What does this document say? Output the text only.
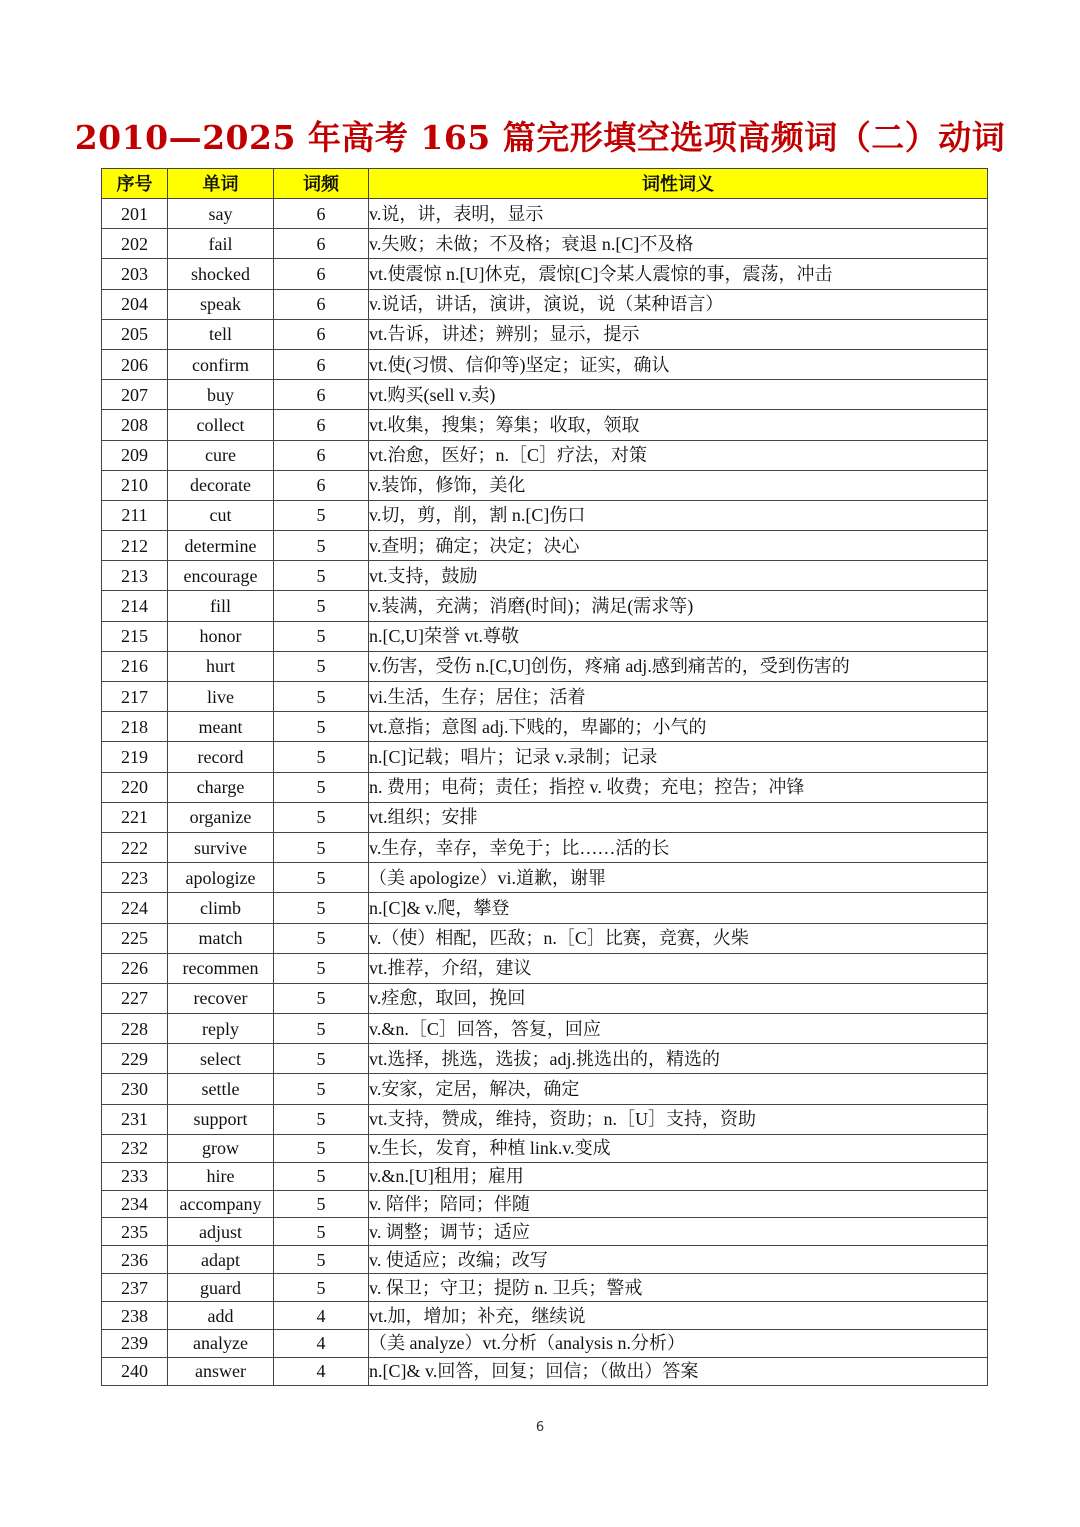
2010—2025 年高考 165 篇完形填空选项高频词（二）动词
序号	单词	词频	词性词义
201	say	6	v.说，讲，表明，显示
202	fail	6	v.失败；未做；不及格；衰退 n.[C]不及格
203	shocked	6	vt.使震惊 n.[U]休克，震惊[C]令某人震惊的事，震荡，冲击
204	speak	6	v.说话，讲话，演讲，演说，说（某种语言）
205	tell	6	vt.告诉，讲述；辨别；显示，提示
206	confirm	6	vt.使(习惯、信仰等)坚定；证实，确认
207	buy	6	vt.购买(sell v.卖)
208	collect	6	vt.收集，搜集；筹集；收取，领取
209	cure	6	vt.治愈，医好；n.［C］疗法，对策
210	decorate	6	v.装饰，修饰，美化
211	cut	5	v.切，剪，削，割 n.[C]伤口
212	determine	5	v.查明；确定；决定；决心
213	encourage	5	vt.支持，鼓励
214	fill	5	v.装满，充满；消磨(时间)；满足(需求等)
215	honor	5	n.[C,U]荣誉 vt.尊敬
216	hurt	5	v.伤害，受伤 n.[C,U]创伤，疼痛 adj.感到痛苦的，受到伤害的
217	live	5	vi.生活，生存；居住；活着
218	meant	5	vt.意指；意图 adj.下贱的，卑鄙的；小气的
219	record	5	n.[C]记载；唱片；记录 v.录制；记录
220	charge	5	n. 费用；电荷；责任；指控 v. 收费；充电；控告；冲锋
221	organize	5	vt.组织；安排
222	survive	5	v.生存，幸存，幸免于；比……活的长
223	apologize	5	（美 apologize）vi.道歉，谢罪
224	climb	5	n.[C]& v.爬，攀登
225	match	5	v.（使）相配，匹敌；n.［C］比赛，竞赛，火柴
226	recommen	5	vt.推荐，介绍，建议
227	recover	5	v.痊愈，取回，挽回
228	reply	5	v.&n.［C］回答，答复，回应
229	select	5	vt.选择，挑选，选拔；adj.挑选出的，精选的
230	settle	5	v.安家，定居，解决，确定
231	support	5	vt.支持，赞成，维持，资助；n.［U］支持，资助
232	grow	5	v.生长，发育，种植 link.v.变成
233	hire	5	v.&n.[U]租用；雇用
234	accompany	5	v. 陪伴；陪同；伴随
235	adjust	5	v. 调整；调节；适应
236	adapt	5	v. 使适应；改编；改写
237	guard	5	v. 保卫；守卫；提防 n. 卫兵；警戒
238	add	4	vt.加，增加；补充，继续说
239	analyze	4	（美 analyze）vt.分析（analysis n.分析）
240	answer	4	n.[C]& v.回答，回复；回信；（做出）答案
6
